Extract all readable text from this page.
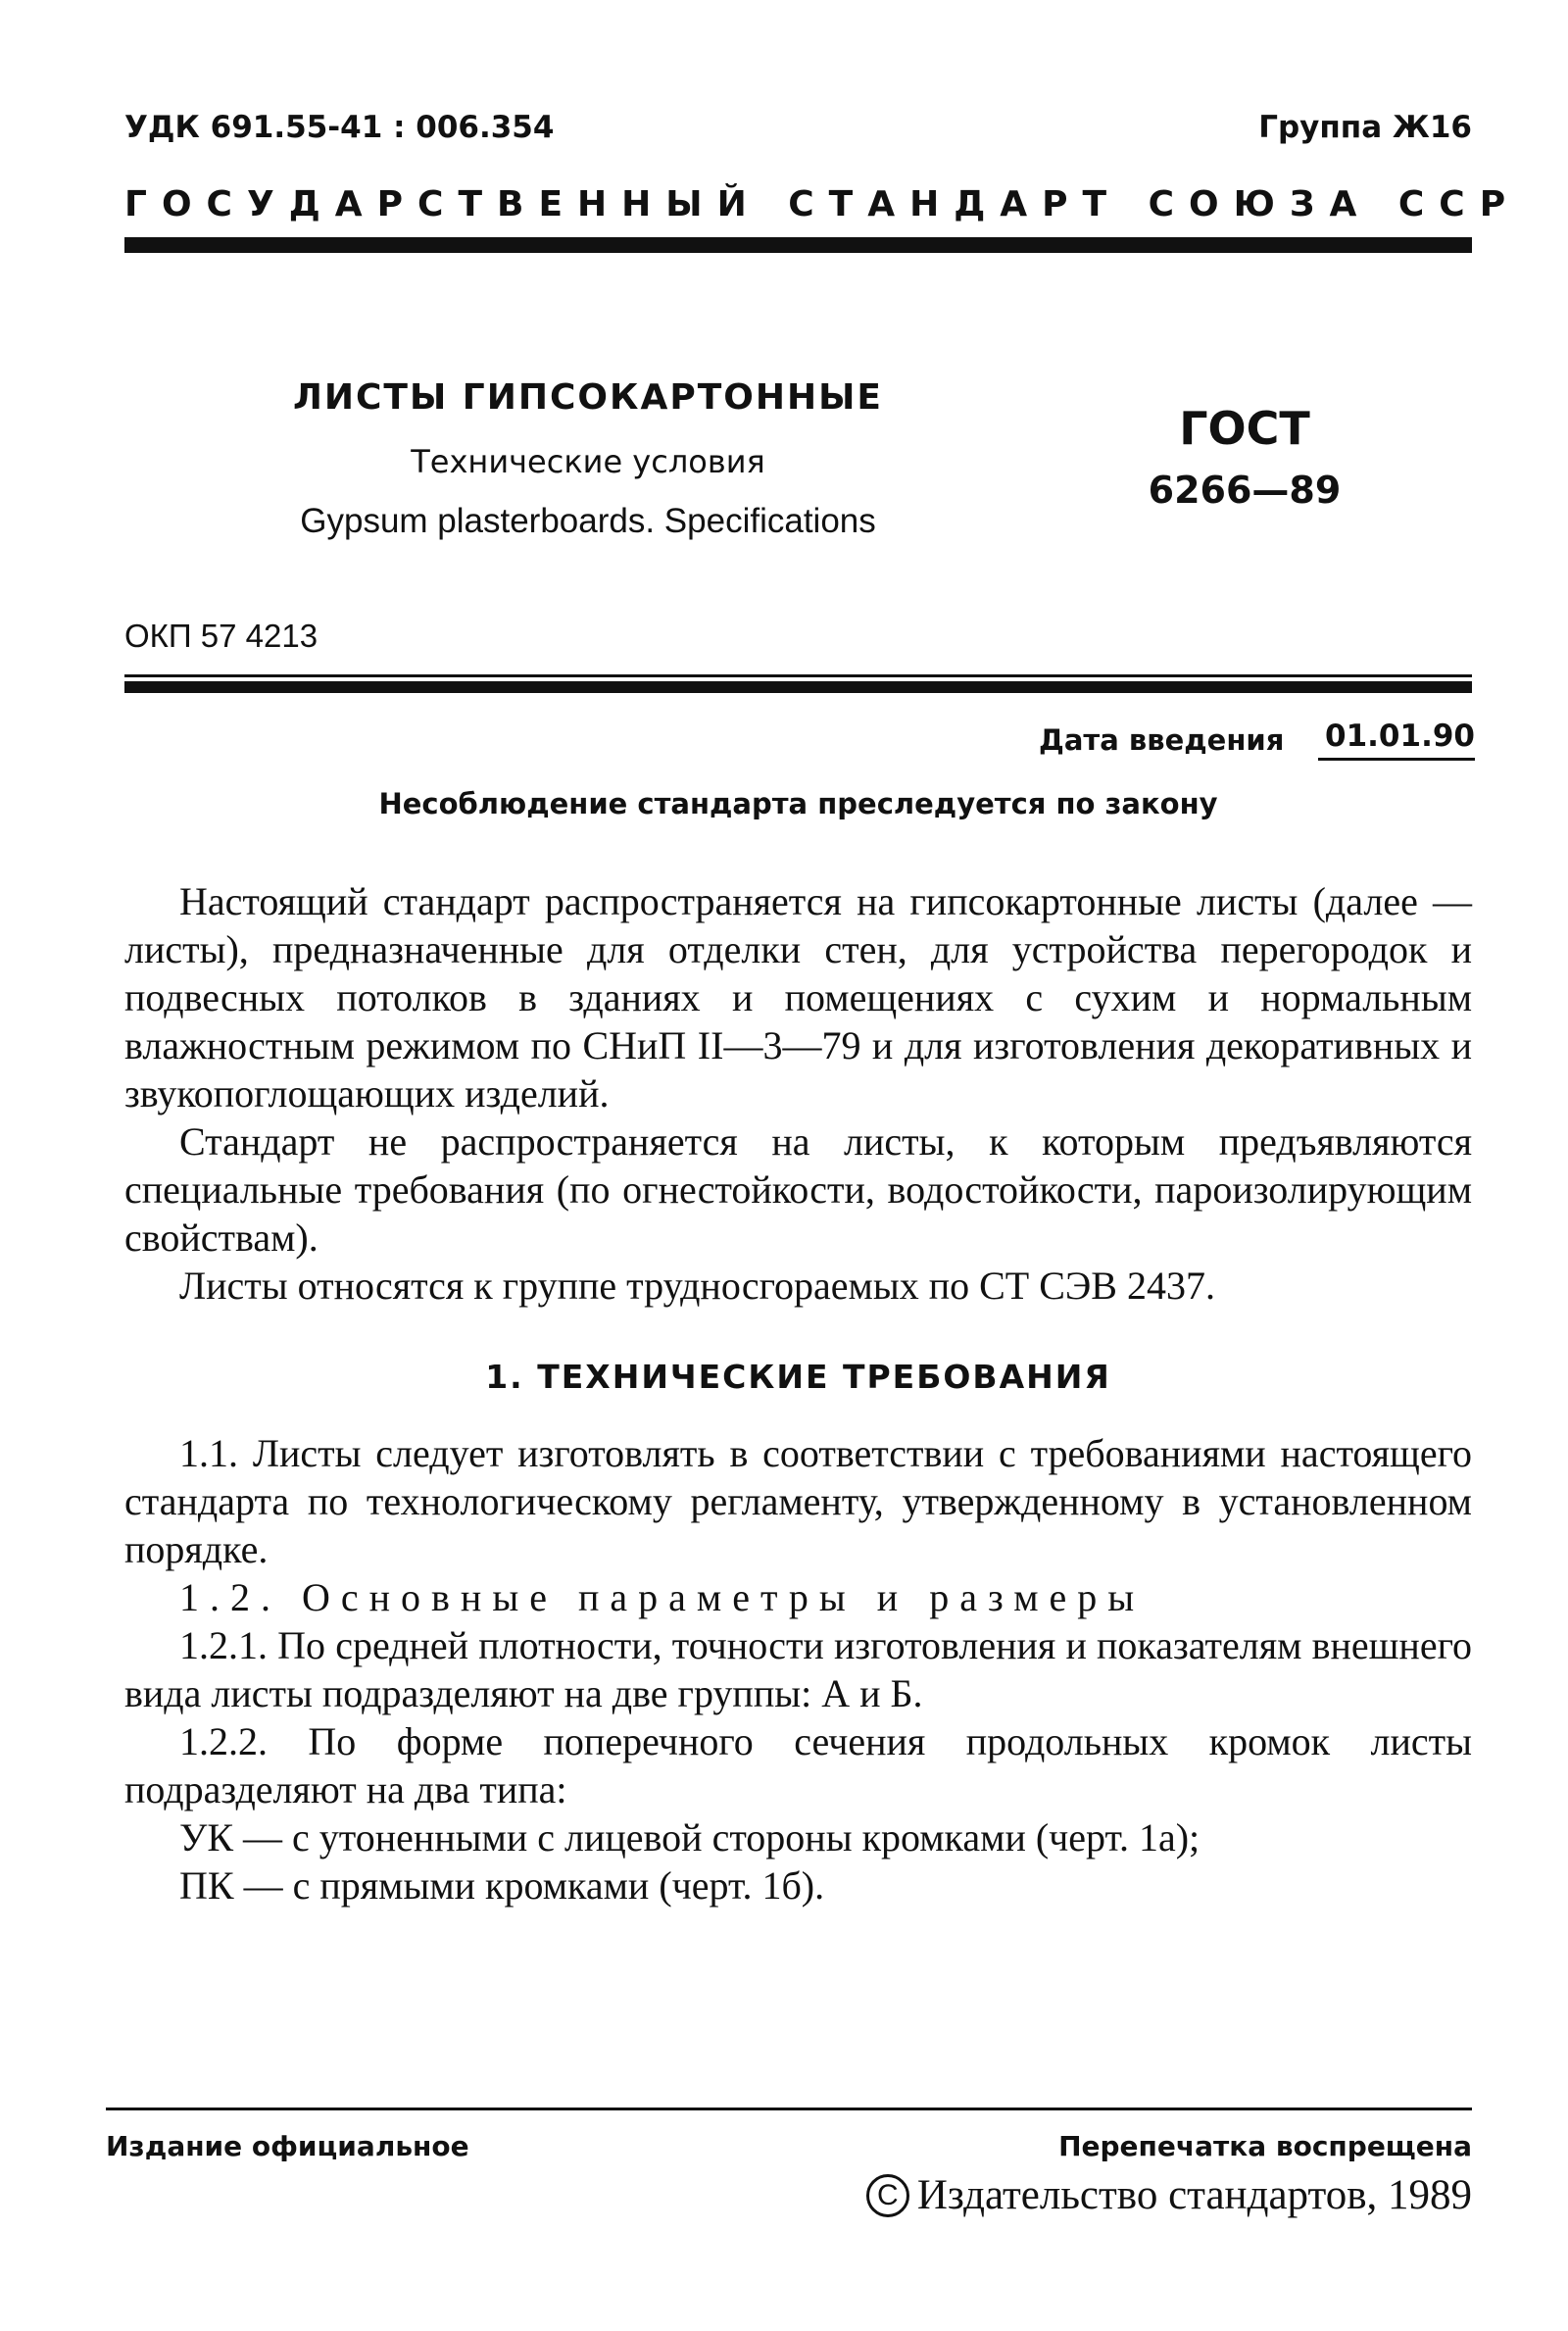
УДК 691.55-41 : 006.354	Группа Ж16
ГОСУДАРСТВЕННЫЙ СТАНДАРТ СОЮЗА ССР
ЛИСТЫ ГИПСОКАРТОННЫЕ
Технические условия
Gypsum plasterboards. Specifications
ГОСТ
6266—89
ОКП 57 4213
Дата введения 01.01.90
Несоблюдение стандарта преследуется по закону

Настоящий стандарт распространяется на гипсокартонные листы (далее — листы), предназначенные для отделки стен, для устройства перегородок и подвесных потолков в зданиях и помещениях с сухим и нормальным влажностным режимом по СНиП II—3—79 и для изготовления декоративных и звукопоглощающих изделий.

Стандарт не распространяется на листы, к которым предъявляются специальные требования (по огнестойкости, водостойкости, пароизолирующим свойствам).

Листы относятся к группе трудносгораемых по СТ СЭВ 2437.

1. ТЕХНИЧЕСКИЕ ТРЕБОВАНИЯ

1.1. Листы следует изготовлять в соответствии с требованиями настоящего стандарта по технологическому регламенту, утвержденному в установленном порядке.

1.2. Основные параметры и размеры

1.2.1. По средней плотности, точности изготовления и показателям внешнего вида листы подразделяют на две группы: А и Б.

1.2.2. По форме поперечного сечения продольных кромок листы подразделяют на два типа:

УК — с утоненными с лицевой стороны кромками (черт. 1а);

ПК — с прямыми кромками (черт. 1б).

Издание официальное	Перепечатка воспрещена
C Издательство стандартов, 1989
